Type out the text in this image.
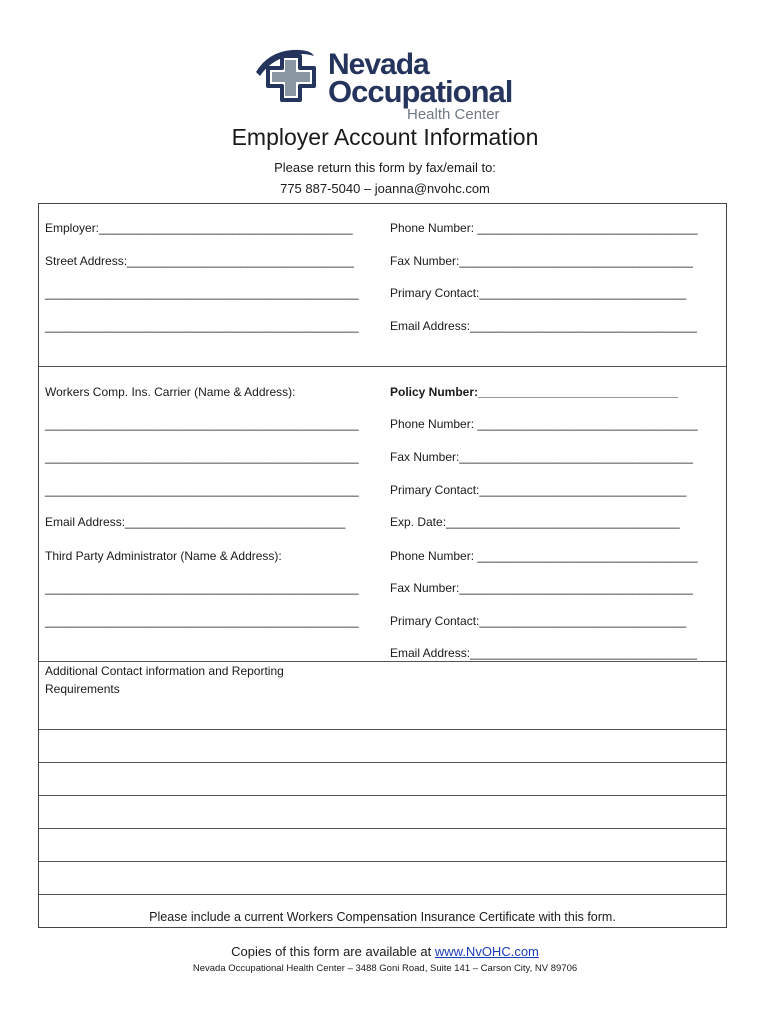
Nevada
Occupational
Health Center
Employer Account Information
Please return this form by fax/email to:
775 887-5040 – joanna@nvohc.com
Employer:______________________________________
Street Address:__________________________________
_______________________________________________
_______________________________________________
Phone Number: _________________________________
Fax Number:___________________________________
Primary Contact:_______________________________
Email Address:__________________________________
Workers Comp. Ins. Carrier (Name & Address):
_______________________________________________
_______________________________________________
_______________________________________________
Email Address:_________________________________
Policy Number:______________________________
Phone Number: _________________________________
Fax Number:___________________________________
Primary Contact:_______________________________
Exp. Date:___________________________________
Third Party Administrator (Name & Address):
_______________________________________________
_______________________________________________
Phone Number: _________________________________
Fax Number:___________________________________
Primary Contact:_______________________________
Email Address:__________________________________
Additional Contact information and Reporting
Requirements
Please include a current Workers Compensation Insurance Certificate with this form.
Copies of this form are available at www.NvOHC.com
Nevada Occupational Health Center – 3488 Goni Road, Suite 141 – Carson City, NV 89706
